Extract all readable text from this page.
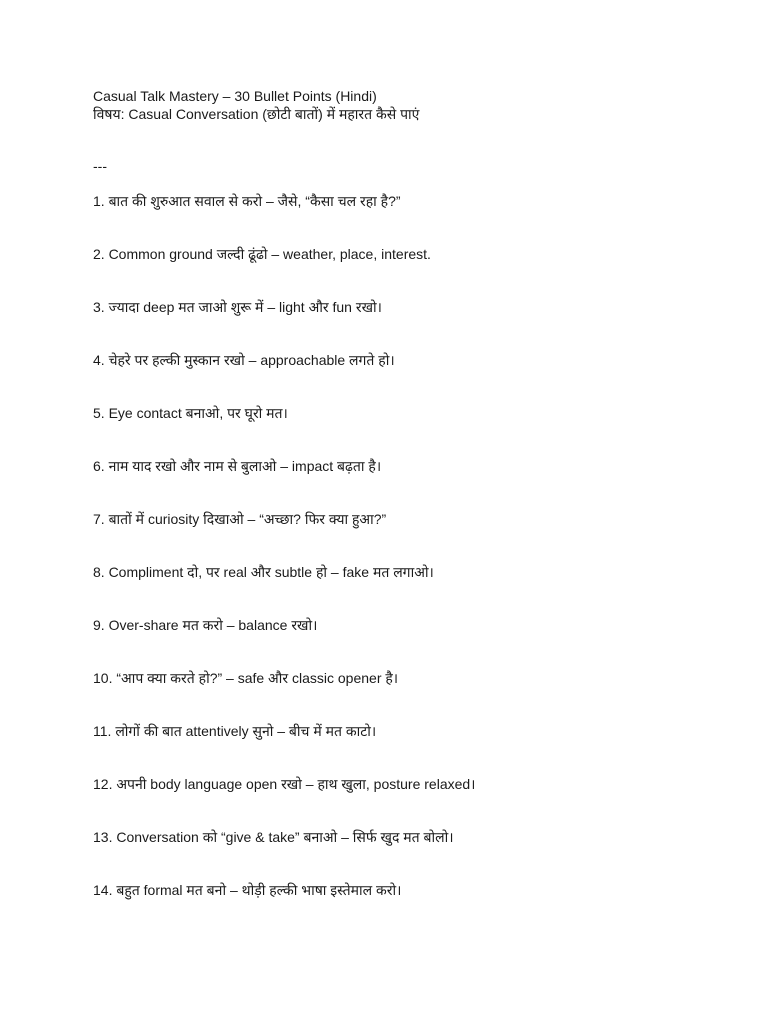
Casual Talk Mastery – 30 Bullet Points (Hindi)
विषय: Casual Conversation (छोटी बातों) में महारत कैसे पाएं
---
1. बात की शुरुआत सवाल से करो – जैसे, “कैसा चल रहा है?”
2. Common ground जल्दी ढूंढो – weather, place, interest.
3. ज्यादा deep मत जाओ शुरू में – light और fun रखो।
4. चेहरे पर हल्की मुस्कान रखो – approachable लगते हो।
5. Eye contact बनाओ, पर घूरो मत।
6. नाम याद रखो और नाम से बुलाओ – impact बढ़ता है।
7. बातों में curiosity दिखाओ – “अच्छा? फिर क्या हुआ?”
8. Compliment दो, पर real और subtle हो – fake मत लगाओ।
9. Over-share मत करो – balance रखो।
10. “आप क्या करते हो?” – safe और classic opener है।
11. लोगों की बात attentively सुनो – बीच में मत काटो।
12. अपनी body language open रखो – हाथ खुला, posture relaxed।
13. Conversation को “give & take” बनाओ – सिर्फ खुद मत बोलो।
14. बहुत formal मत बनो – थोड़ी हल्की भाषा इस्तेमाल करो।
